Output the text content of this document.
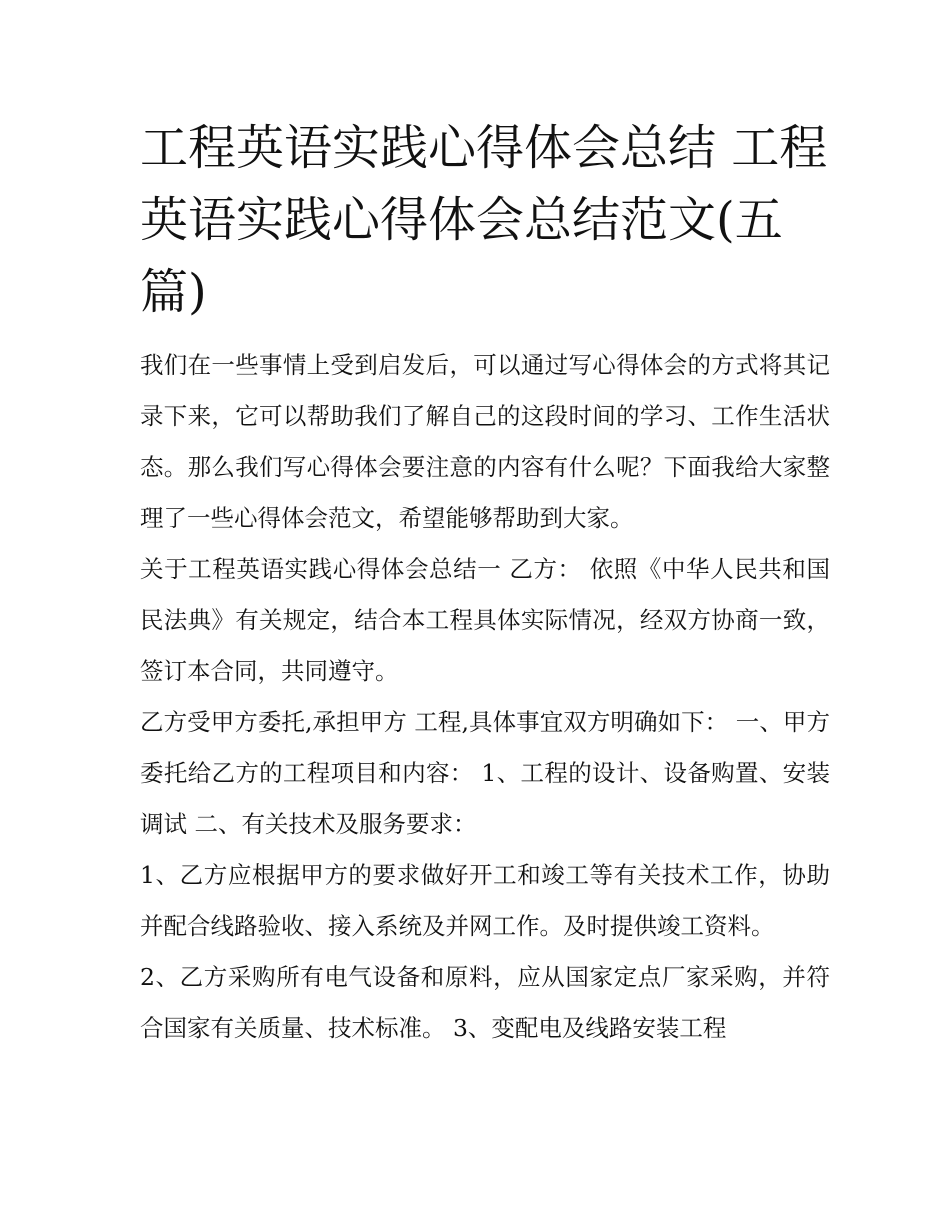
工程英语实践心得体会总结 工程英语实践心得体会总结范文(五篇)

我们在一些事情上受到启发后，可以通过写心得体会的方式将其记录下来，它可以帮助我们了解自己的这段时间的学习、工作生活状态。那么我们写心得体会要注意的内容有什么呢？下面我给大家整理了一些心得体会范文，希望能够帮助到大家。

关于工程英语实践心得体会总结一 乙方： 依照《中华人民共和国民法典》有关规定，结合本工程具体实际情况，经双方协商一致，签订本合同，共同遵守。

乙方受甲方委托,承担甲方 工程,具体事宜双方明确如下： 一、甲方委托给乙方的工程项目和内容： 1、工程的设计、设备购置、安装调试 二、有关技术及服务要求：

1、乙方应根据甲方的要求做好开工和竣工等有关技术工作，协助并配合线路验收、接入系统及并网工作。及时提供竣工资料。

2、乙方采购所有电气设备和原料，应从国家定点厂家采购，并符合国家有关质量、技术标准。 3、变配电及线路安装工程
